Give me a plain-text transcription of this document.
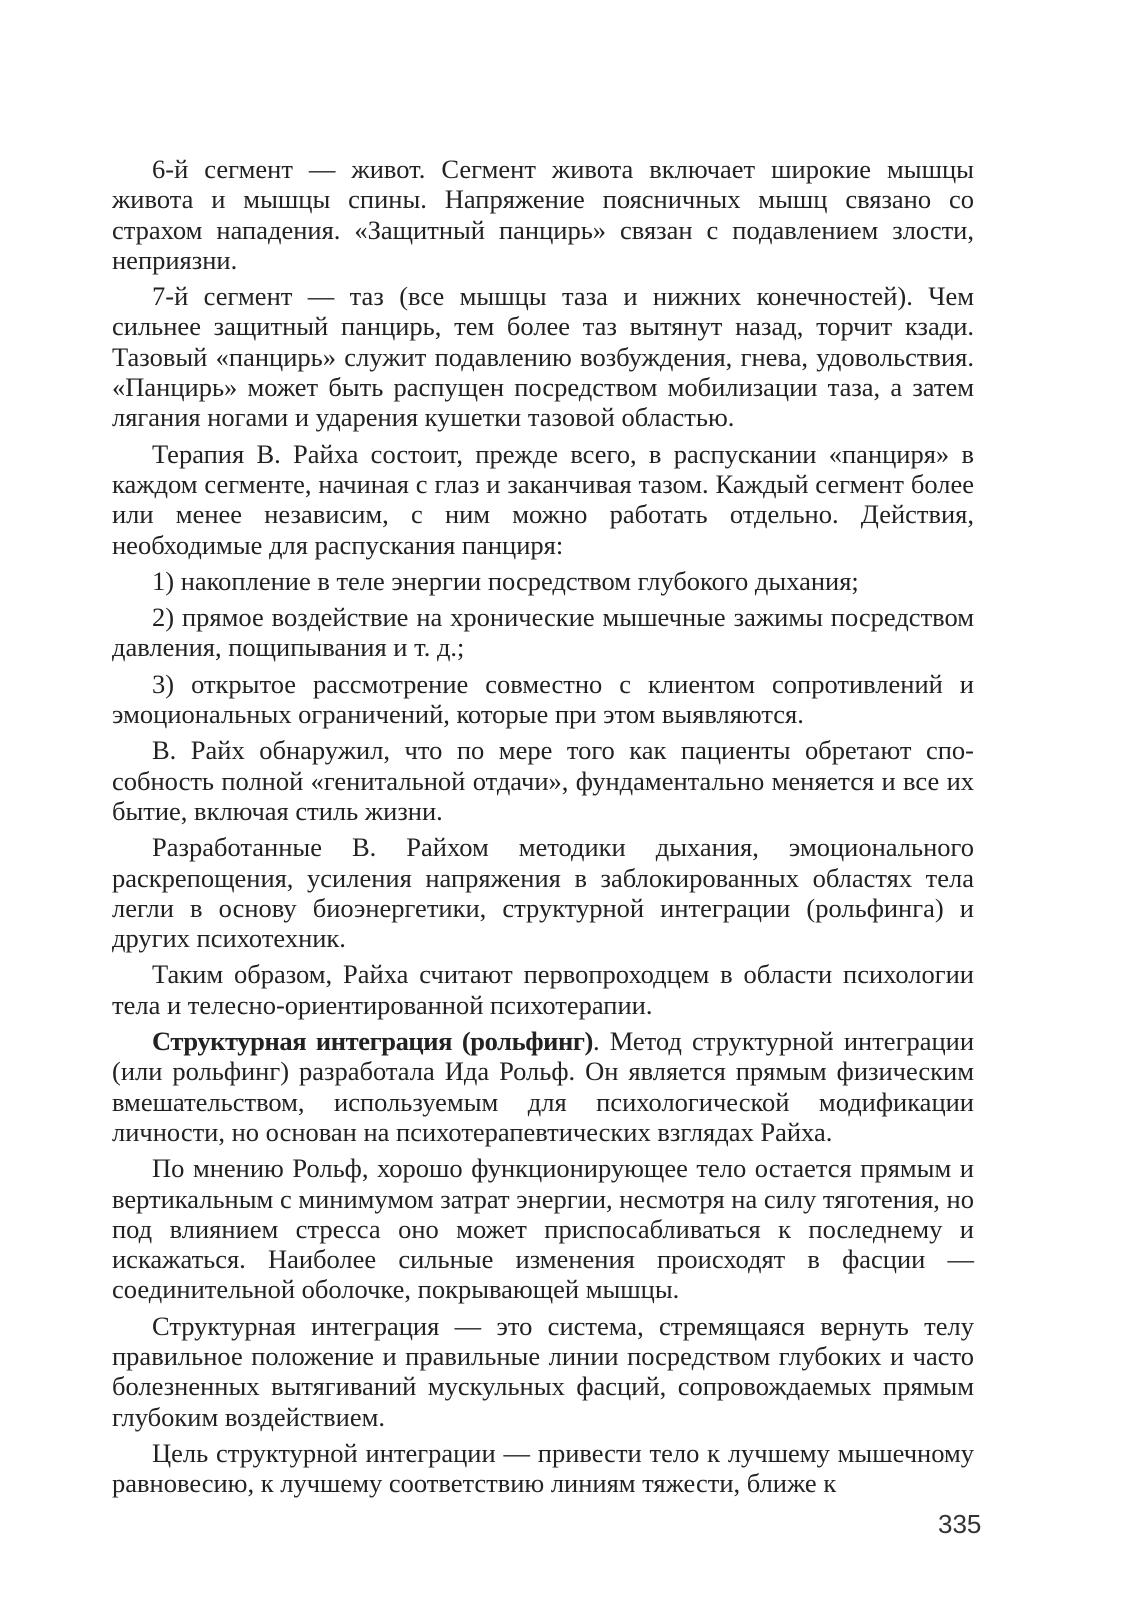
6-й сегмент — живот. Сегмент живота включает широкие мышцы живота и мышцы спины. Напряжение поясничных мышц связано со страхом нападения. «Защитный панцирь» связан с подавлением злости, неприязни.

7-й сегмент — таз (все мышцы таза и нижних конечностей). Чем сильнее защитный панцирь, тем более таз вытянут назад, торчит кзади. Тазовый «панцирь» служит подавлению возбуждения, гнева, удовольствия. «Панцирь» может быть распущен посредством мобилизации таза, а затем лягания ногами и ударения кушетки тазовой областью.

Терапия В. Райха состоит, прежде всего, в распускании «панциря» в каждом сегменте, начиная с глаз и заканчивая тазом. Каждый сегмент более или менее независим, с ним можно работать отдельно. Действия, необходимые для распускания панциря:

1) накопление в теле энергии посредством глубокого дыхания;

2) прямое воздействие на хронические мышечные зажимы посредством давления, пощипывания и т. д.;

3) открытое рассмотрение совместно с клиентом сопротивлений и эмоциональных ограничений, которые при этом выявляются.

В. Райх обнаружил, что по мере того как пациенты обретают способность полной «генитальной отдачи», фундаментально меняется и все их бытие, включая стиль жизни.

Разработанные В. Райхом методики дыхания, эмоционального раскрепощения, усиления напряжения в заблокированных областях тела легли в основу биоэнергетики, структурной интеграции (рольфинга) и других психотехник.

Таким образом, Райха считают первопроходцем в области психологии тела и телесно-ориентированной психотерапии.

Структурная интеграция (рольфинг). Метод структурной интеграции (или рольфинг) разработала Ида Рольф. Он является прямым физическим вмешательством, используемым для психологической модификации личности, но основан на психотерапевтических взглядах Райха.

По мнению Рольф, хорошо функционирующее тело остается прямым и вертикальным с минимумом затрат энергии, несмотря на силу тяготения, но под влиянием стресса оно может приспосабливаться к последнему и искажаться. Наиболее сильные изменения происходят в фасции — соединительной оболочке, покрывающей мышцы.

Структурная интеграция — это система, стремящаяся вернуть телу правильное положение и правильные линии посредством глубоких и часто болезненных вытягиваний мускульных фасций, сопровождаемых прямым глубоким воздействием.

Цель структурной интеграции — привести тело к лучшему мышечному равновесию, к лучшему соответствию линиям тяжести, ближе к

335
